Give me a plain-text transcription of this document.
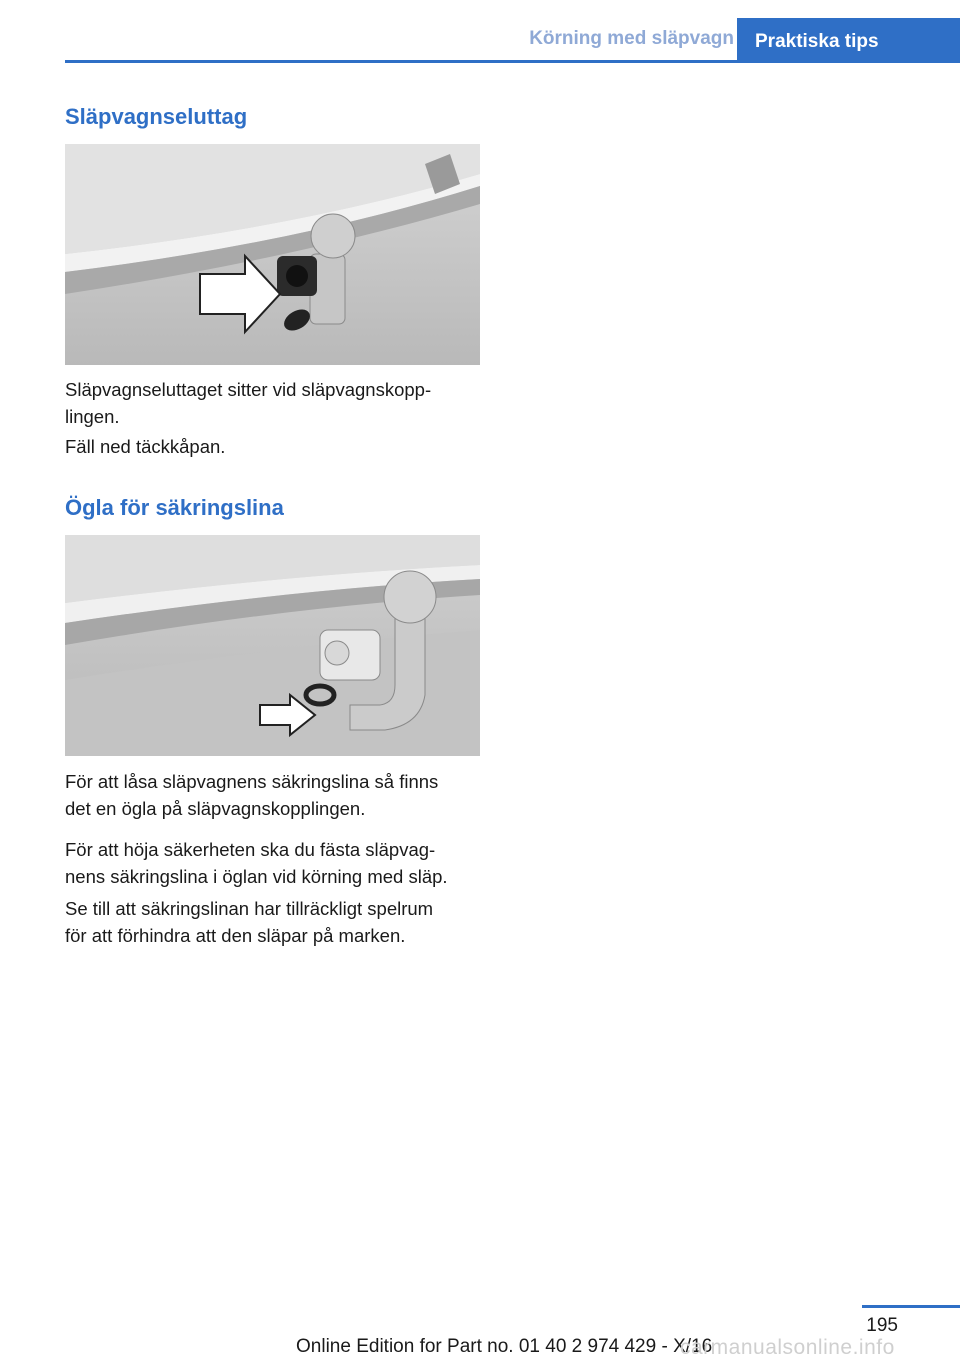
Körning med släpvagn	Praktiska tips
Släpvagnseluttag

Släpvagnseluttaget sitter vid släpvagnskopp-
lingen.

Fäll ned täckkåpan.

Ögla för säkringslina

För att låsa släpvagnens säkringslina så finns
det en ögla på släpvagnskopplingen.

För att höja säkerheten ska du fästa släpvag-
nens säkringslina i öglan vid körning med släp.

Se till att säkringslinan har tillräckligt spelrum
för att förhindra att den släpar på marken.

195
Online Edition for Part no. 01 40 2 974 429 - X/16
carmanualsonline.info
